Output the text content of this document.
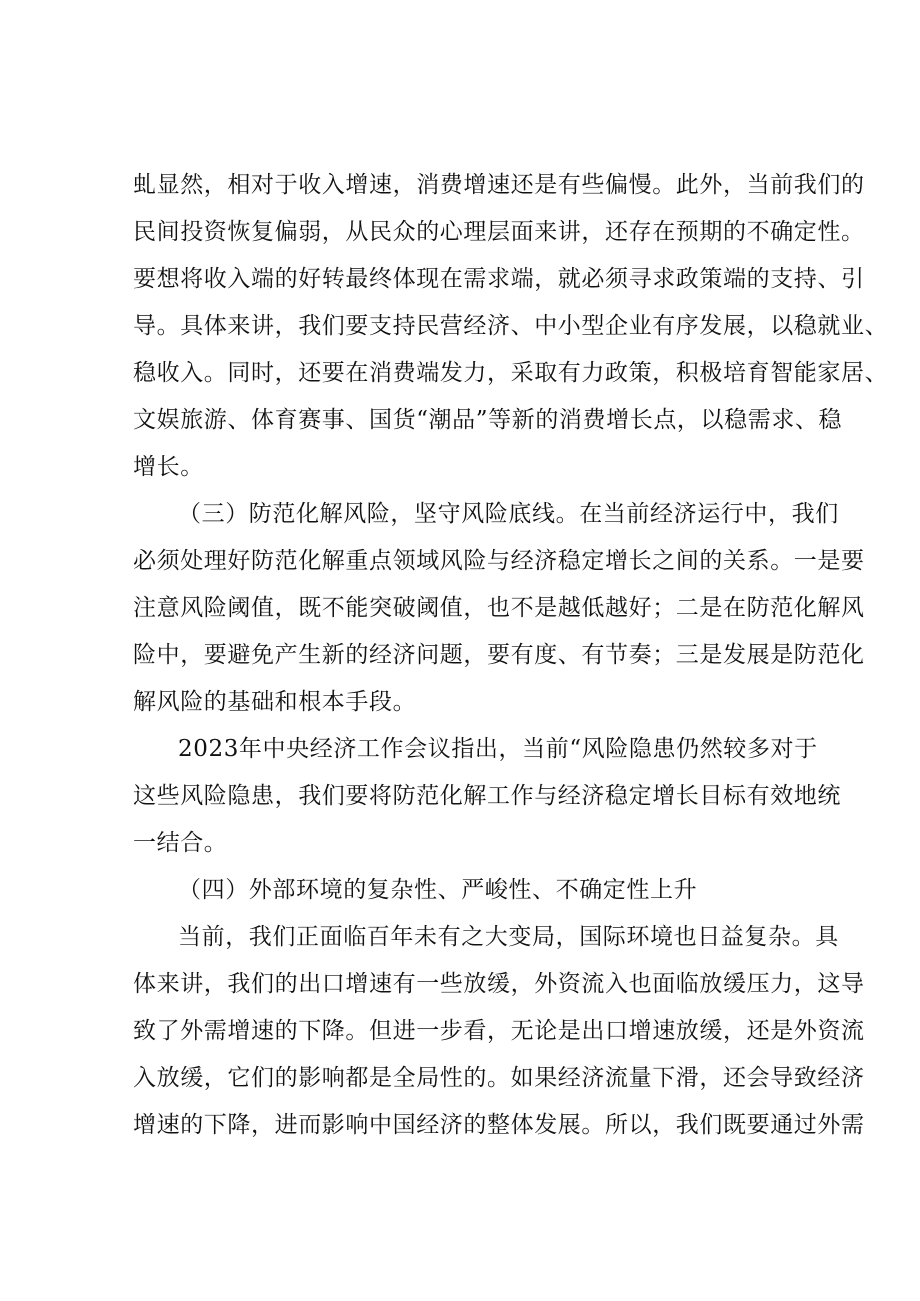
虬显然，相对于收入增速，消费增速还是有些偏慢。此外，当前我们的
民间投资恢复偏弱，从民众的心理层面来讲，还存在预期的不确定性。
要想将收入端的好转最终体现在需求端，就必须寻求政策端的支持、引
导。具体来讲，我们要支持民营经济、中小型企业有序发展，以稳就业、
稳收入。同时，还要在消费端发力，采取有力政策，积极培育智能家居、
文娱旅游、体育赛事、国货“潮品”等新的消费增长点，以稳需求、稳
增长。
（三）防范化解风险，坚守风险底线。在当前经济运行中，我们
必须处理好防范化解重点领域风险与经济稳定增长之间的关系。一是要
注意风险阈值，既不能突破阈值，也不是越低越好；二是在防范化解风
险中，要避免产生新的经济问题，要有度、有节奏；三是发展是防范化
解风险的基础和根本手段。
2023年中央经济工作会议指出，当前“风险隐患仍然较多对于
这些风险隐患，我们要将防范化解工作与经济稳定增长目标有效地统
一结合。
（四）外部环境的复杂性、严峻性、不确定性上升
当前，我们正面临百年未有之大变局，国际环境也日益复杂。具
体来讲，我们的出口增速有一些放缓，外资流入也面临放缓压力，这导
致了外需增速的下降。但进一步看，无论是出口增速放缓，还是外资流
入放缓，它们的影响都是全局性的。如果经济流量下滑，还会导致经济
增速的下降，进而影响中国经济的整体发展。所以，我们既要通过外需
